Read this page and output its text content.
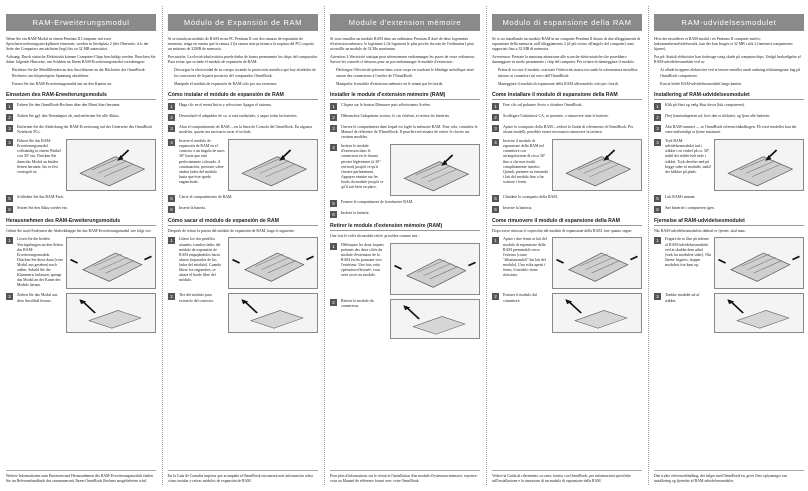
RAM-Erweiterungsmodul
Wenn Sie ein RAM-Modul in einem Pentium II Computer mit zwei Speichererweiterungssteckplätzen einsetzen, werden in Steckplatz 2 (der Oberseite, d.h. der Seite des Computers am nächsten liegt) bis zu 32 MB unterstützt.
Achtung: Durch statische Elektrizität können Computer-Chips beschädigt werden. Beachten Sie daher folgende Hinweise, um Schäden an Ihrem RAM-Erweiterungsmodul vorzubeugen:
Berühren Sie die Metallblenden an den Anschlüssen an der Rückseite des OmniBook-Rechners, um körpereigene Spannung abzuleiten.
Fassen Sie das RAM-Erweiterungsmodul nur an den Kanten an.
Einsetzen des RAM-Erweiterungsmoduls
1	Fahren Sie den OmniBook-Rechner über den Menü Start herunter.
2	Ziehen Sie ggf. den Netzadapter ab, und entfernen Sie alle Akkus.
3	Entfernen Sie die Abdeckung der RAM-Erweiterung auf der Unterseite des OmniBook Notebook PCs.
4	Führen Sie das RAM-Erweiterungsmodul vollständig in einem Winkel von 30° ein. Drücken Sie dann das Modul an beiden Seiten herunter, bis es fest verriegelt ist.
5	Schließen Sie das RAM-Fach.
6	Setzen Sie den Akku wieder ein.
Herausnehmen des RAM-Erweiterungsmoduls
Gehen Sie nach Entfernen der Abdeckklappe für das RAM-Erweiterungsmodul wie folgt vor:
1	Lösen Sie die beiden Verriegelungen an den Seiten des RAM-Erweiterungsmoduls. Drücken Sie diese dazu (vom Modul aus gesehen) nach außen. Sobald Sie die Klammern loslassen, springt das Modul an der Kante des Moduls heraus.
2	Ziehen Sie das Modul aus dem Anschluß heraus.
Weitere Informationen zum Einsetzen und Herausnehmen des RAM-Erweiterungsmoduls finden Sie im Referenzhandbuch des zusammen mit Ihrem OmniBook Rechner ausgelieferten wird.
Módulo de Expansión de RAM
Si se instala un módulo de RAM en un PC Pentium II con dos ranuras de expansión de memoria, tenga en cuenta que la ranura 2 (la ranura más próxima a la esquina del PC) soporta un máximo de 32MB de memoria.
Precaución: La electricidad estática puede dañar de forma permanente los chips del computador. Para evitar que se dañe el módulo de expansión de RAM:
Descargue la electricidad de su cuerpo tocando la protección metálica que hay alrededor de los conectores de la parte posterior del computador OmniBook.
Manipule el módulo de expansión de RAM sólo por sus extremos.
Cómo instalar el módulo de expansión de RAM
1	Haga clic en el menú Inicio y seleccione Apagar el sistema.
2	Desenchufe el adaptador de ca, si está enchufado, y saque todas las baterías.
3	Abra el compartimento de RAM —en la línea de Consola del OmniBook. En algunos modelos, quizás sea necesario sacar el teclado.
4	Inserte el módulo de expansión de RAM en el conector a un ángulo de unos 30° hasta que esté perfectamente colocado. A continuación, presione sobre ambos lados del módulo hasta que éste quede enganchado.
5	Cierre el compartimento de RAM.
6	Inserte la batería.
Cómo sacar el módulo de expansión de RAM
Después de retirar la puerta del módulo de expansión de RAM, haga lo siguiente:
1	Libere los dos pestillos situados a ambos lados del módulo de expansión de RAM empujándolos hacia afuera (separados de los lados del módulo). Cuando libere los enganches, se alzará el borde libre del módulo.
2	Tire del módulo para extraerlo del conector.
En la Guía de Consulta impresa que acompaña al OmniBook encontrará más información sobre cómo instalar y retirar módulos de expansión de RAM.
Module d'extension mémoire
Si vous installez un module RAM dans un ordinateur Pentium II doté de deux logements d'extension mémoire, le logement 2 (le logement le plus proche du coin de l'ordinateur) peut accueillir un module de 32 Mo maximum.
Attention: L'électricité statique peut sérieusement endommager les puces de votre ordinateur. Suivez les conseils ci-dessous pour ne pas endommager le module d'extension :
Déchargez l'électricité présente dans votre corps en touchant le blindage métallique situé autour des connecteurs à l'arrière de l'OmniBook.
Manipulez le module d'extension mémoire en le tenant par les bords.
Installer le module d'extension mémoire (RAM)
1	Cliquez sur le bouton Démarrer puis sélectionnez Arrêter.
2	Débranchez l'adaptateur secteur, le cas échéant, et retirez les batteries.
3	Ouvrez le compartiment dans lequel est logée la mémoire RAM. Pour cela, consultez le Manuel de référence de l'OmniBook. Il peut être nécessaire de retirer le clavier sur certains modèles.
4	Insérez le module d'extension dans le connecteur en le faisant pivoter légèrement (à 30° environ) jusqu'à ce qu'il s'insère parfaitement. Appuyez ensuite sur les bords du module jusqu'à ce qu'il soit bien en place.
5	Fermez le compartiment de la mémoire RAM.
6	Insérez la batterie.
Retirer le module d'extension mémoire (RAM)
Une fois le volet du module retiré, procédez comme suit :
1	Débloquez les deux loquets présents des deux côtés du module d'extension de la RAM en les poussant vers l'extérieur. Une fois cette opération effectuée, vous avez accès au module.
2	Retirez le module du connecteur.
Pour plus d'informations sur le retrait et l'installation d'un module d'extension mémoire, reportez-vous au Manuel de référence fourni avec votre OmniBook.
Modulo di espansione della RAM
Se si sta installando un modulo RAM in un computer Pentium II dotato di due alloggiamenti di espansione della memoria, nell'alloggiamento 2 (il più vicino all'angolo del computer) sono supportati fino a 32 MB di memoria.
Avvertenza: Prestate la massima attenzione alle scariche elettrostatiche che potrebbero danneggiare in modo permanente i chip del computer. Per evitare di danneggiare il modulo:
Prima di toccare il modulo, scaricate l'elettricità statica toccando la schermatura metallica intorno ai connettori sul retro dell'OmniBook.
Maneggiare il modulo di espansione della RAM afferrandolo solo per i bordi.
Come installare il modulo di espansione della RAM
1	Fare clic sul pulsante Avvio e chiudere OmniBook.
2	Scollegare l'adattatore CA, se presente, e rimuovere tutte le batterie.
3	Aprire lo scomparto della RAM—vedere la Guida di riferimento di OmniBook. Per alcuni modelli, potrebbe essere necessario rimuovere la tastiera.
4	Inserire il modulo di espansione della RAM nel connettore con un'angolazione di circa 30° fino a che non risulti completamente inserito. Quindi, premere su entrambi i lati del modulo fino a far scattare i fermi.
5	Chiudere lo scomparto della RAM.
6	Inserire la batteria.
Come rimuovere il modulo di espansione della RAM
Dopo avere rimosso il coperchio del modulo di espansione della RAM, fare quanto segue:
1	Aprire i due fermi ai lati del modulo di espansione della RAM premendoli verso l'esterno (come "allontanandoli" dai lati del modulo). Una volta aperti i fermi, il modulo viene rilasciato.
2	Estrarre il modulo dal connettore.
Vedere la Guida di riferimento su carta, fornita con OmniBook, per informazioni specifiche sull'installazione e la rimozione di un modulo di espansione della RAM.
RAM-udvidelsesmodulet
Hvis der installeres et RAM-modul i en Pentium II computer med to hukommelsesudvidelsesstik, kan der kun bruges et 32 MB i stik 2 (nærmest computerens hjørne).
Pas på: Statisk elektricitet kan forårsage varig skade på computerchips. Undgå beskadigelse af RAM-udvidelsesmodulet ved at:
At aflade kroppens elektricitet ved at berøre metallet rundt omkring tilslutningerne bag på OmniBook computeren.
Kun at holde RAM-udvidelsesmodulet langs kanten.
Installering af RAM-udvidelsesmodulet
1	Klik på Start og vælg Shut down (luk computeren).
2	Drej lysnetadapteren ud, hvis den er tilsluttet, og fjern alle batterier.
3	Åbn RAM-rummet — se OmniBook referencehåndbogen. På visse modeller kan det være nødvendigt at fjerne tastaturet.
4	Tryk RAM-udvidelsesmodulet ind i stikket i en vinkel på ca. 30°, indtil det sidder helt inde i stikket. Tryk derefter ned på begge sider af modulet, indtil der klikker på plads.
5	Luk RAM-rummet.
6	Sæt batteriet i computeren igen.
Fjernelse af RAM-udvidelsesmodulet
Når RAM-udvidelsesmodulets dæksel er fjernet, skal man:
1	Frigøre de to låse på siderne af RAM-udvidelsesmodulet ved at skubbe dem udad (væk fra modulets sider). Når låsene frigøres, hopper modulets frie kant op.
2	Trække modulet ud af stikket.
Den trykte referencehåndbog, der følger med OmniBook'en, giver flere oplysninger om installering og fjernelse af RAM-udvidelsesmoduler.
